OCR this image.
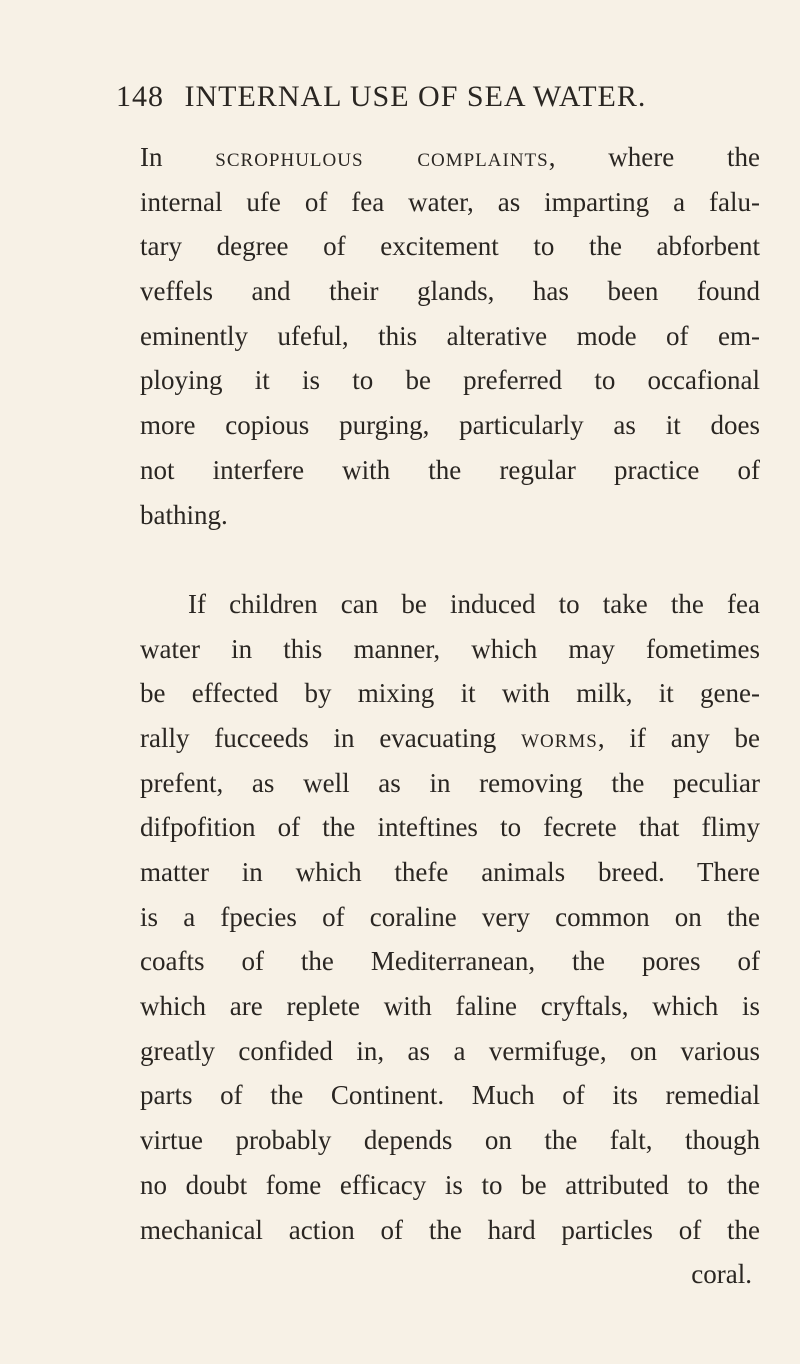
148 INTERNAL USE OF SEA WATER.
In scrophulous complaints, where the
internal ufe of fea water, as imparting a falu-
tary degree of excitement to the abforbent
veffels and their glands, has been found
eminently ufeful, this alterative mode of em-
ploying it is to be preferred to occafional
more copious purging, particularly as it does
not interfere with the regular practice of
bathing.
If children can be induced to take the fea
water in this manner, which may fometimes
be effected by mixing it with milk, it gene-
rally fucceeds in evacuating worms, if any be
prefent, as well as in removing the peculiar
difpofition of the inteftines to fecrete that flimy
matter in which thefe animals breed. There
is a fpecies of coraline very common on the
coafts of the Mediterranean, the pores of
which are replete with faline cryftals, which is
greatly confided in, as a vermifuge, on various
parts of the Continent. Much of its remedial
virtue probably depends on the falt, though
no doubt fome efficacy is to be attributed to the
mechanical action of the hard particles of the
coral.
